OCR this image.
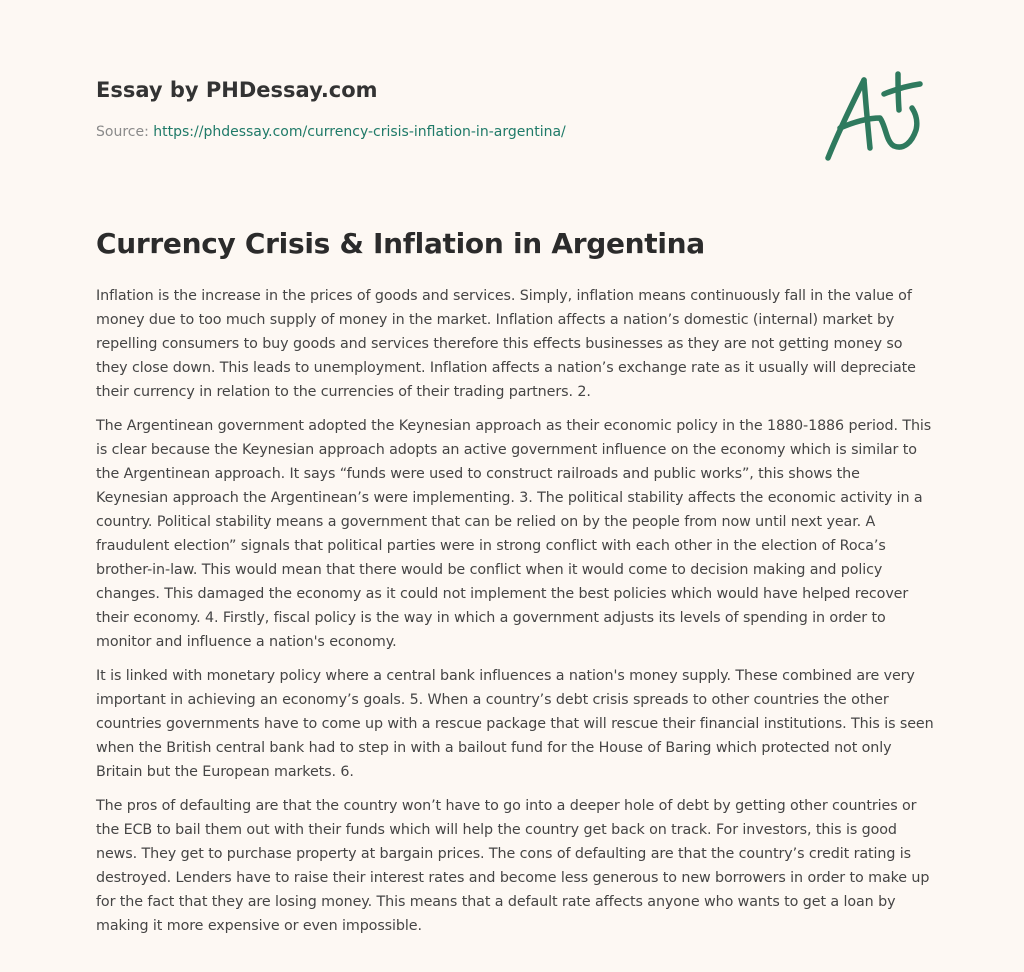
Essay by PHDessay.com
Source: https://phdessay.com/currency-crisis-inflation-in-argentina/
Currency Crisis & Inflation in Argentina

Inflation is the increase in the prices of goods and services. Simply, inflation means continuously fall in the value of money due to too much supply of money in the market. Inflation affects a nation’s domestic (internal) market by repelling consumers to buy goods and services therefore this effects businesses as they are not getting money so they close down. This leads to unemployment. Inflation affects a nation’s exchange rate as it usually will depreciate their currency in relation to the currencies of their trading partners. 2.

The Argentinean government adopted the Keynesian approach as their economic policy in the 1880-1886 period. This is clear because the Keynesian approach adopts an active government influence on the economy which is similar to the Argentinean approach. It says “funds were used to construct railroads and public works”, this shows the Keynesian approach the Argentinean’s were implementing. 3. The political stability affects the economic activity in a country. Political stability means a government that can be relied on by the people from now until next year. A fraudulent election” signals that political parties were in strong conflict with each other in the election of Roca’s brother-in-law. This would mean that there would be conflict when it would come to decision making and policy changes. This damaged the economy as it could not implement the best policies which would have helped recover their economy. 4. Firstly, fiscal policy is the way in which a government adjusts its levels of spending in order to monitor and influence a nation's economy.

It is linked with monetary policy where a central bank influences a nation's money supply. These combined are very important in achieving an economy’s goals. 5. When a country’s debt crisis spreads to other countries the other countries governments have to come up with a rescue package that will rescue their financial institutions. This is seen when the British central bank had to step in with a bailout fund for the House of Baring which protected not only Britain but the European markets. 6.

The pros of defaulting are that the country won’t have to go into a deeper hole of debt by getting other countries or the ECB to bail them out with their funds which will help the country get back on track. For investors, this is good news. They get to purchase property at bargain prices. The cons of defaulting are that the country’s credit rating is destroyed. Lenders have to raise their interest rates and become less generous to new borrowers in order to make up for the fact that they are losing money. This means that a default rate affects anyone who wants to get a loan by making it more expensive or even impossible.
